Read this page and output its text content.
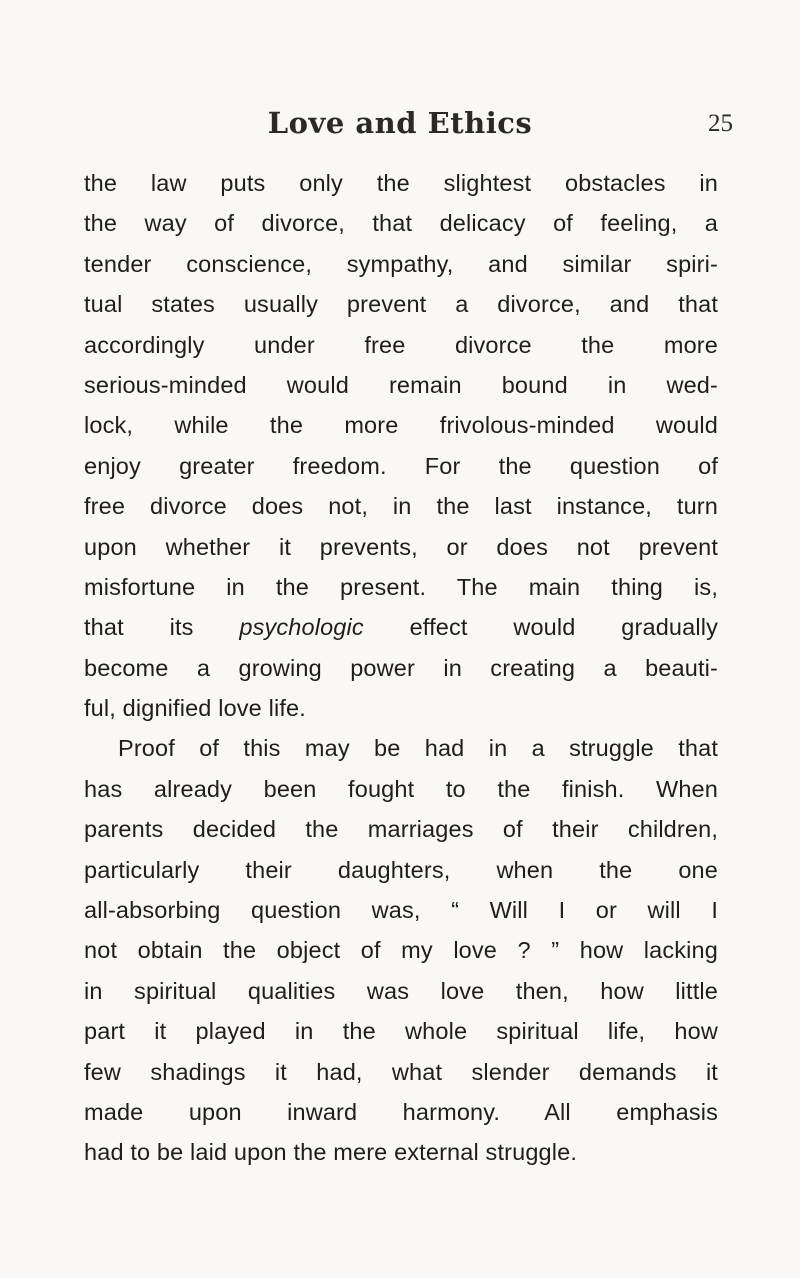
Love and Ethics	25
the law puts only the slightest obstacles in
the way of divorce, that delicacy of feeling, a
tender conscience, sympathy, and similar spiri-
tual states usually prevent a divorce, and that
accordingly under free divorce the more
serious-minded would remain bound in wed-
lock, while the more frivolous-minded would
enjoy greater freedom. For the question of
free divorce does not, in the last instance, turn
upon whether it prevents, or does not prevent
misfortune in the present. The main thing is,
that its psychologic effect would gradually
become a growing power in creating a beauti-
ful, dignified love life.
Proof of this may be had in a struggle that
has already been fought to the finish. When
parents decided the marriages of their children,
particularly their daughters, when the one
all-absorbing question was, “ Will I or will I
not obtain the object of my love ? ” how lacking
in spiritual qualities was love then, how little
part it played in the whole spiritual life, how
few shadings it had, what slender demands it
made upon inward harmony. All emphasis
had to be laid upon the mere external struggle.
